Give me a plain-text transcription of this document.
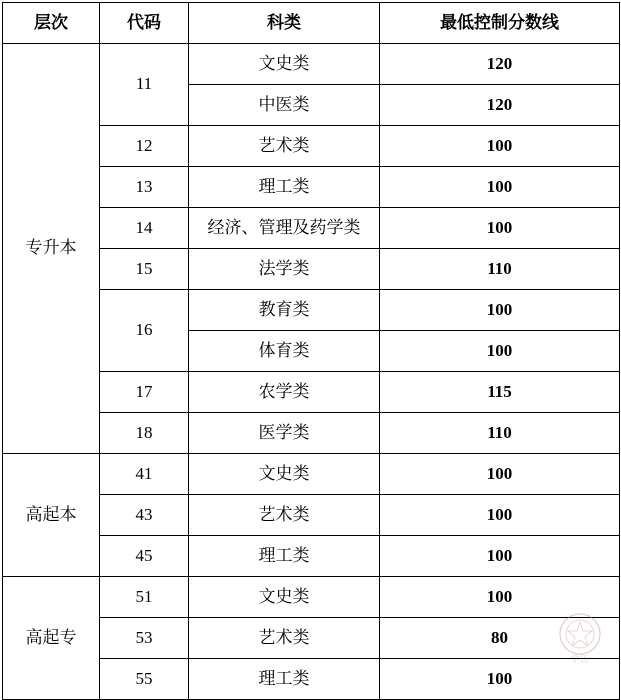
层次	代码	科类	最低控制分数线
专升本	11	文史类	120
		中医类	120
	12	艺术类	100
	13	理工类	100
	14	经济、管理及药学类	100
	15	法学类	110
	16	教育类	100
		体育类	100
	17	农学类	115
	18	医学类	110
高起本	41	文史类	100
	43	艺术类	100
	45	理工类	100
高起专	51	文史类	100
	53	艺术类	80
	55	理工类	100
学历
